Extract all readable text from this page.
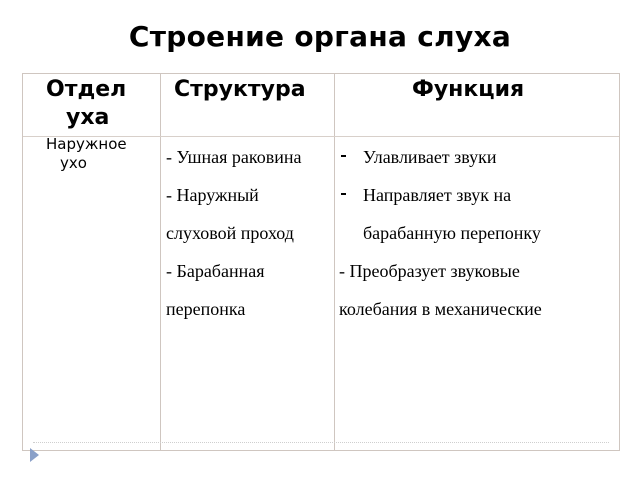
Строение органа слуха
Отдел
уха
Структура	Функция
Наружное
ухо	- Ушная раковина
- Наружный
слуховой проход
- Барабанная
перепонка
Улавливает звуки
Направляет звук на
барабанную перепонку
- Преобразует звуковые
колебания в механические
